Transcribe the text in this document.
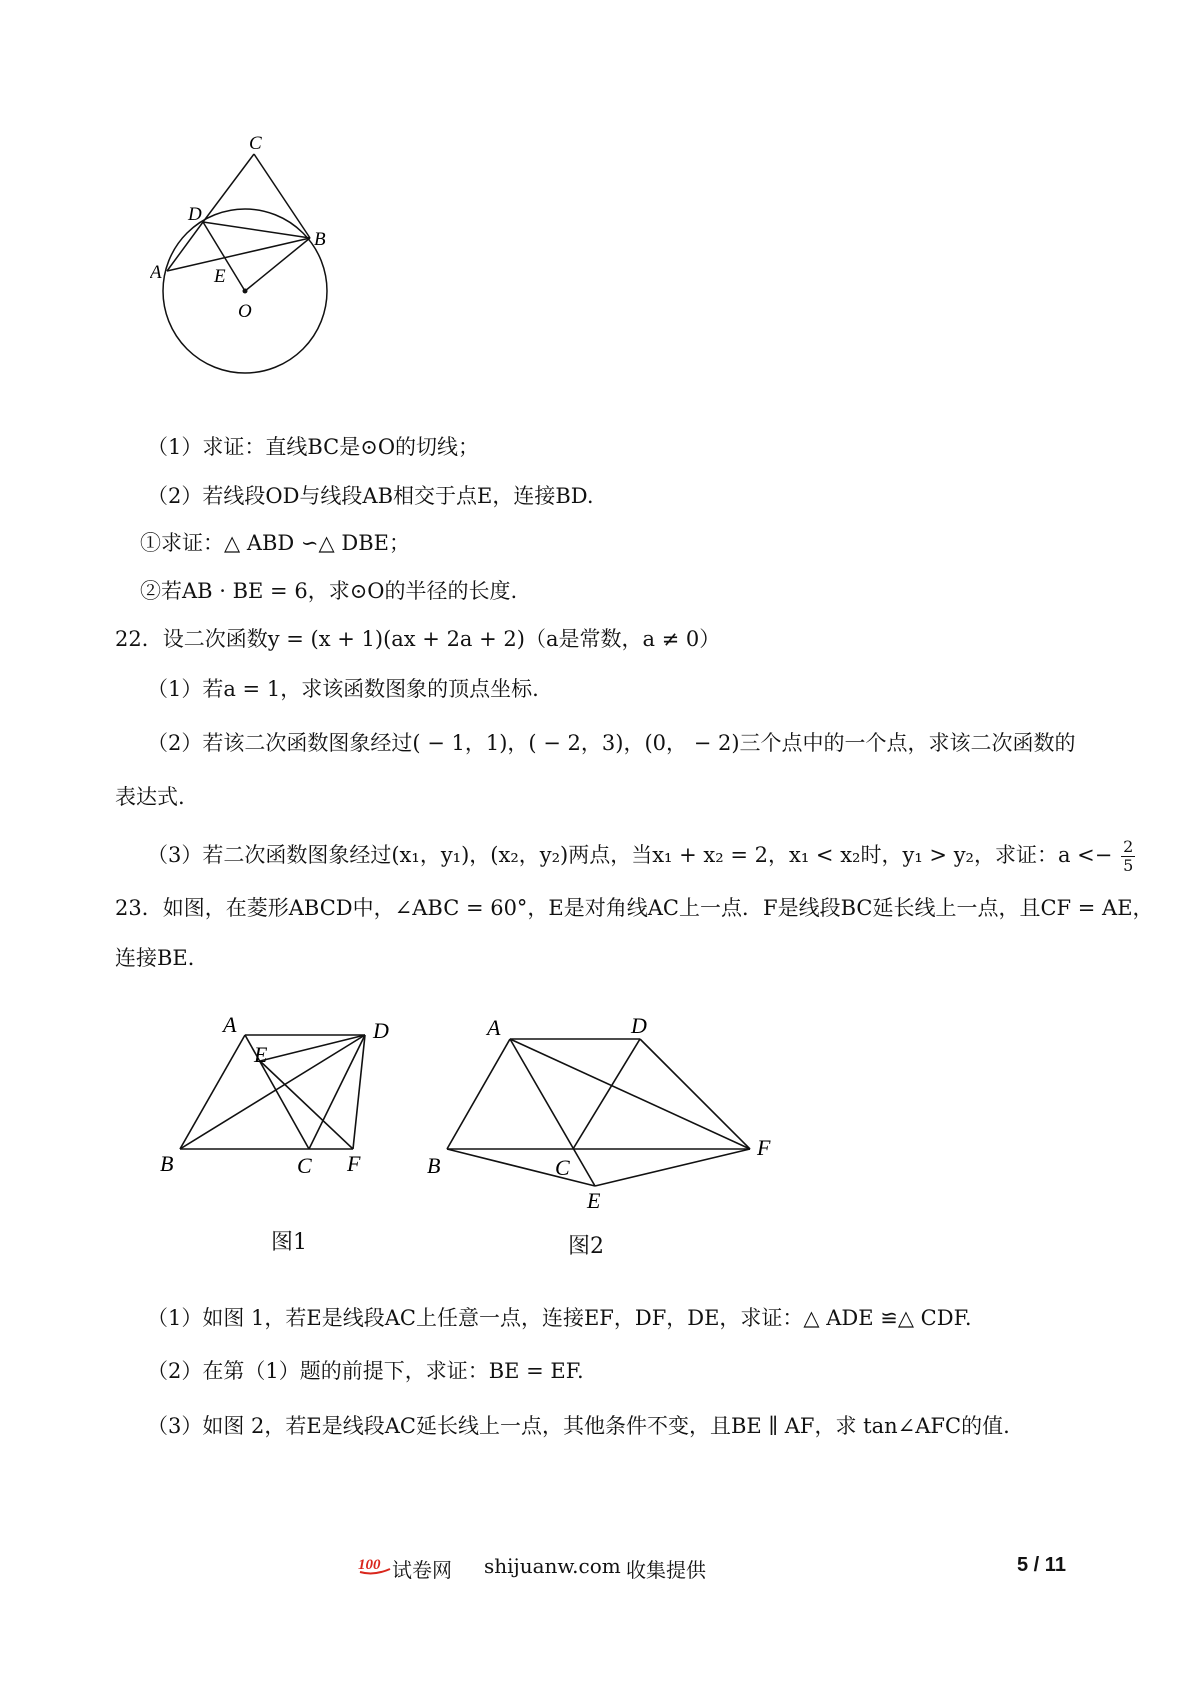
C
D
B
A	E
O
（1）求证：直线BC是⊙O的切线；
（2）若线段OD与线段AB相交于点E，连接BD.
①求证：△ ABD ∽△ DBE；
②若AB · BE = 6，求⊙O的半径的长度.
22．设二次函数y = (x + 1)(ax + 2a + 2)（a是常数，a ≠ 0）
（1）若a = 1，求该函数图象的顶点坐标.
（2）若该二次函数图象经过( − 1，1)，( − 2，3)，(0， − 2)三个点中的一个点，求该二次函数的
表达式.
（3）若二次函数图象经过(x₁，y₁)，(x₂，y₂)两点，当x₁ + x₂ = 2，x₁ < x₂时，y₁ > y₂，求证：$a <- \frac{2}{5}$
23．如图，在菱形ABCD中，∠ABC = 60°，E是对角线AC上一点．F是线段BC延长线上一点，且CF = AE，
连接BE．
A	D
E
B	C F
图1
A	D
B	C
F
E
图2
（1）如图 1，若E是线段AC上任意一点，连接EF，DF，DE，求证：△ ADE ≌△ CDF.
（2）在第（1）题的前提下，求证：BE = EF.
（3）如图 2，若E是线段AC延长线上一点，其他条件不变，且BE ∥ AF，求 tan∠AFC的值.
100 试卷网 shijuanw.com 收集提供	5 / 11
